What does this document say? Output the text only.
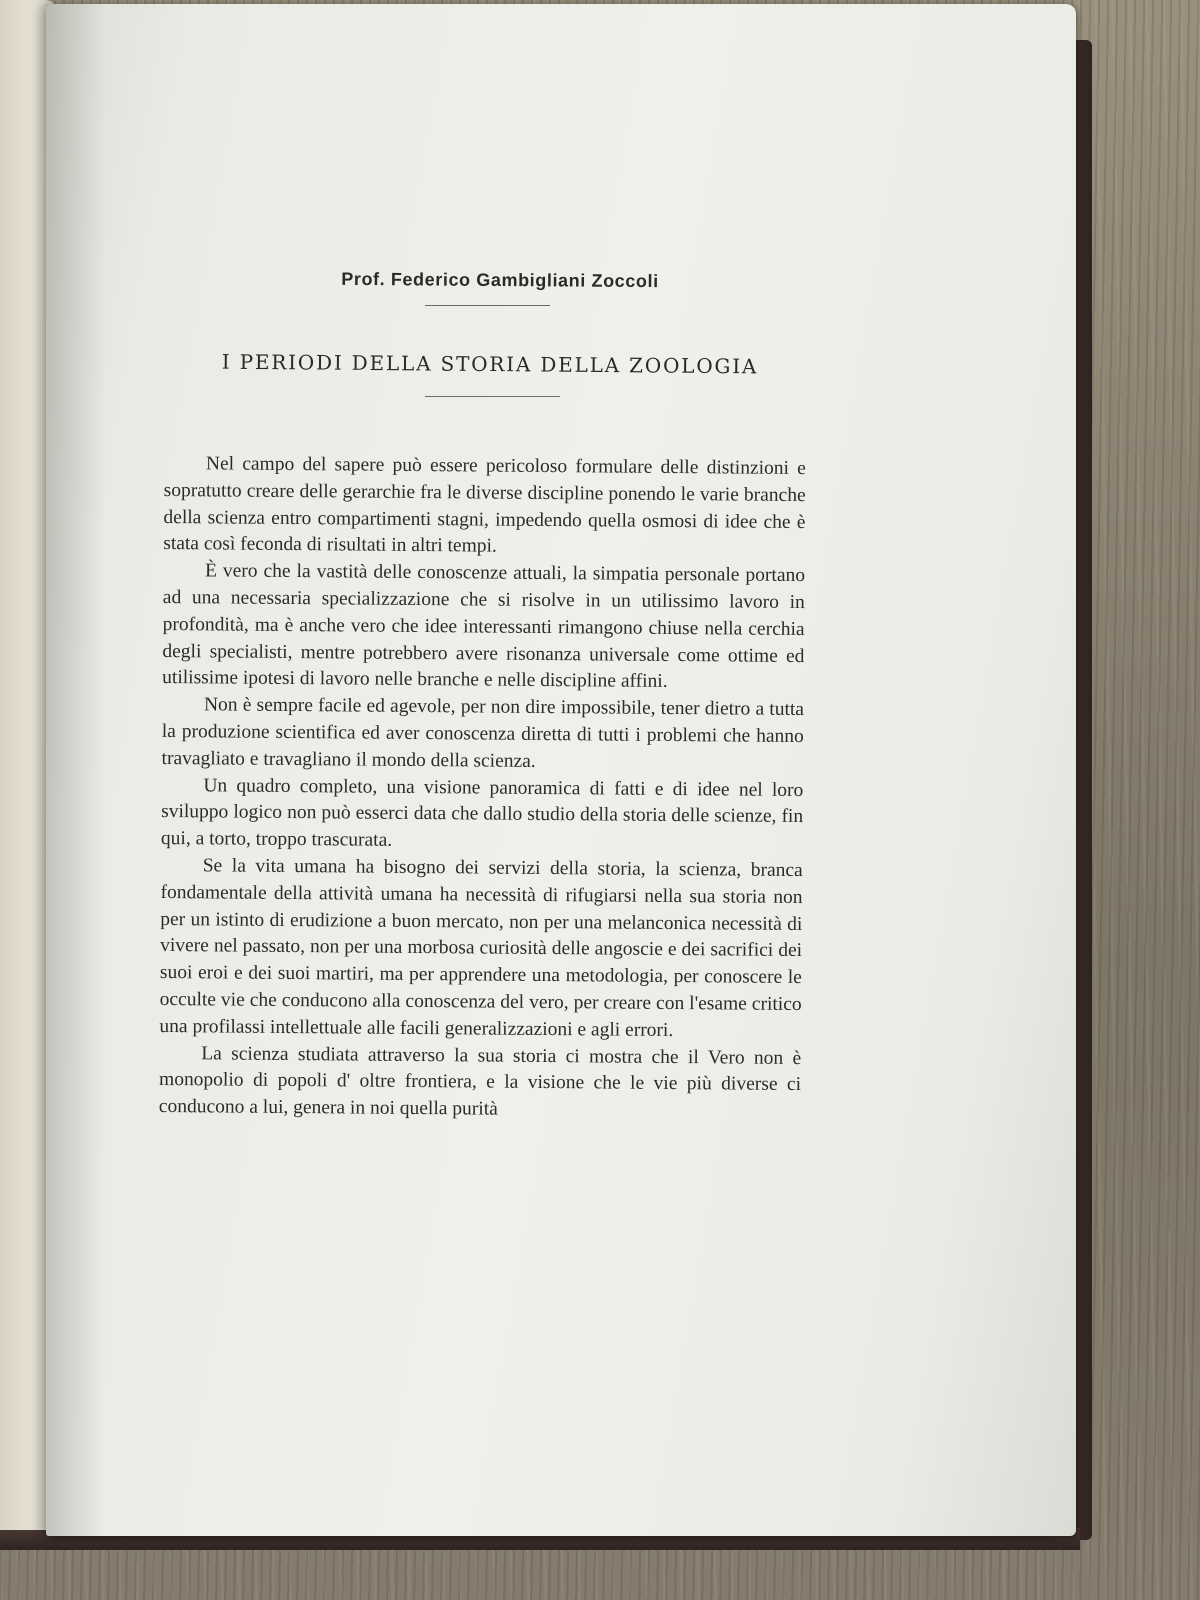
Prof. Federico Gambigliani Zoccoli
I PERIODI DELLA STORIA DELLA ZOOLOGIA

Nel campo del sapere può essere pericoloso formulare delle distinzioni e sopratutto creare delle gerarchie fra le diverse discipline ponendo le varie branche della scienza entro compartimenti stagni, impedendo quella osmosi di idee che è stata così feconda di risultati in altri tempi.

È vero che la vastità delle conoscenze attuali, la simpatia personale portano ad una necessaria specializzazione che si risolve in un utilissimo lavoro in profondità, ma è anche vero che idee interessanti rimangono chiuse nella cerchia degli specialisti, mentre potrebbero avere risonanza universale come ottime ed utilissime ipotesi di lavoro nelle branche e nelle discipline affini.

Non è sempre facile ed agevole, per non dire impossibile, tener dietro a tutta la produzione scientifica ed aver conoscenza diretta di tutti i problemi che hanno travagliato e travagliano il mondo della scienza.

Un quadro completo, una visione panoramica di fatti e di idee nel loro sviluppo logico non può esserci data che dallo studio della storia delle scienze, fin qui, a torto, troppo trascurata.

Se la vita umana ha bisogno dei servizi della storia, la scienza, branca fondamentale della attività umana ha necessità di rifugiarsi nella sua storia non per un istinto di erudizione a buon mercato, non per una melanconica necessità di vivere nel passato, non per una morbosa curiosità delle angoscie e dei sacrifici dei suoi eroi e dei suoi martiri, ma per apprendere una metodologia, per conoscere le occulte vie che conducono alla conoscenza del vero, per creare con l'esame critico una profilassi intellettuale alle facili generalizzazioni e agli errori.

La scienza studiata attraverso la sua storia ci mostra che il Vero non è monopolio di popoli d' oltre frontiera, e la visione che le vie più diverse ci conducono a lui, genera in noi quella purità
